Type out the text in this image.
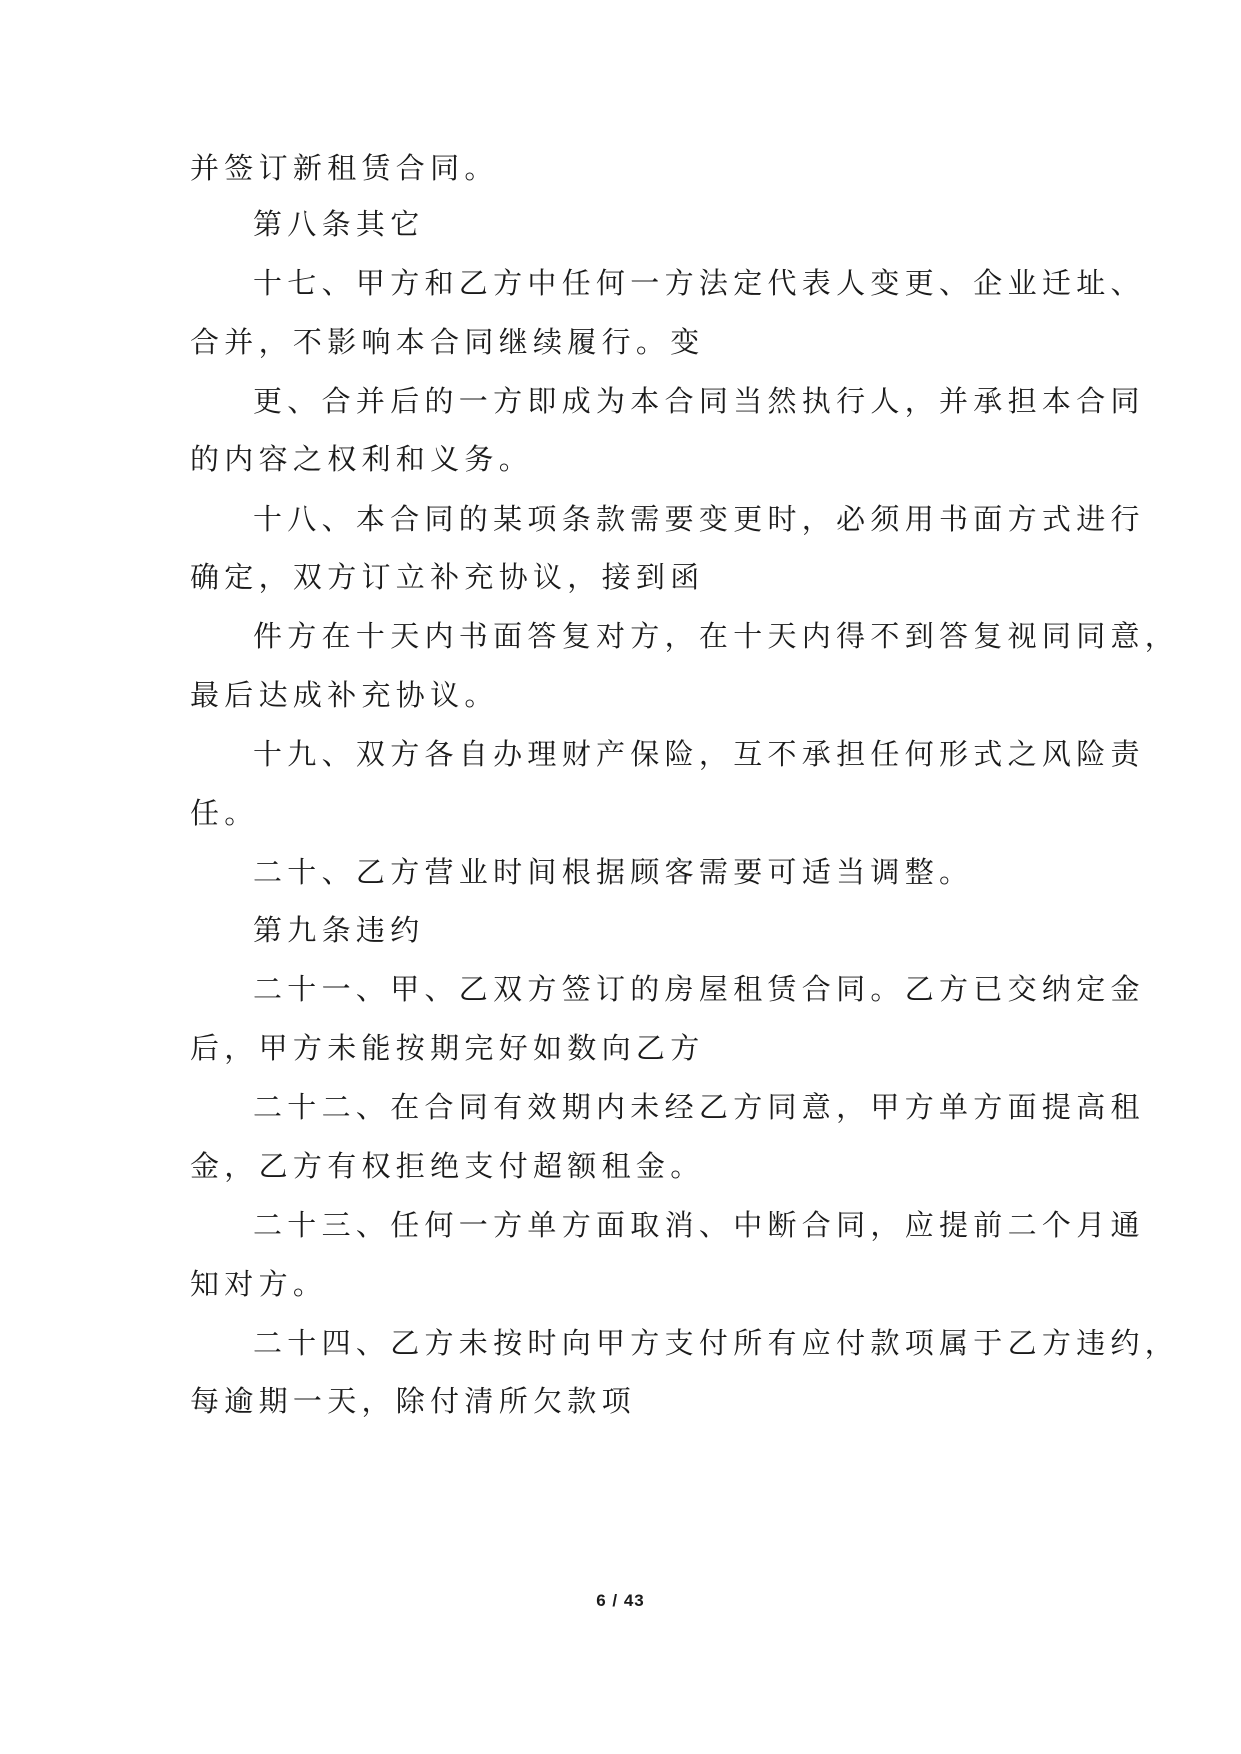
并签订新租赁合同。
第八条其它
十七、甲方和乙方中任何一方法定代表人变更、企业迁址、
合并，不影响本合同继续履行。变
更、合并后的一方即成为本合同当然执行人，并承担本合同
的内容之权利和义务。
十八、本合同的某项条款需要变更时，必须用书面方式进行
确定，双方订立补充协议，接到函
件方在十天内书面答复对方，在十天内得不到答复视同同意，
最后达成补充协议。
十九、双方各自办理财产保险，互不承担任何形式之风险责
任。
二十、乙方营业时间根据顾客需要可适当调整。
第九条违约
二十一、甲、乙双方签订的房屋租赁合同。乙方已交纳定金
后，甲方未能按期完好如数向乙方
二十二、在合同有效期内未经乙方同意，甲方单方面提高租
金，乙方有权拒绝支付超额租金。
二十三、任何一方单方面取消、中断合同，应提前二个月通
知对方。
二十四、乙方未按时向甲方支付所有应付款项属于乙方违约，
每逾期一天，除付清所欠款项
6 / 43
